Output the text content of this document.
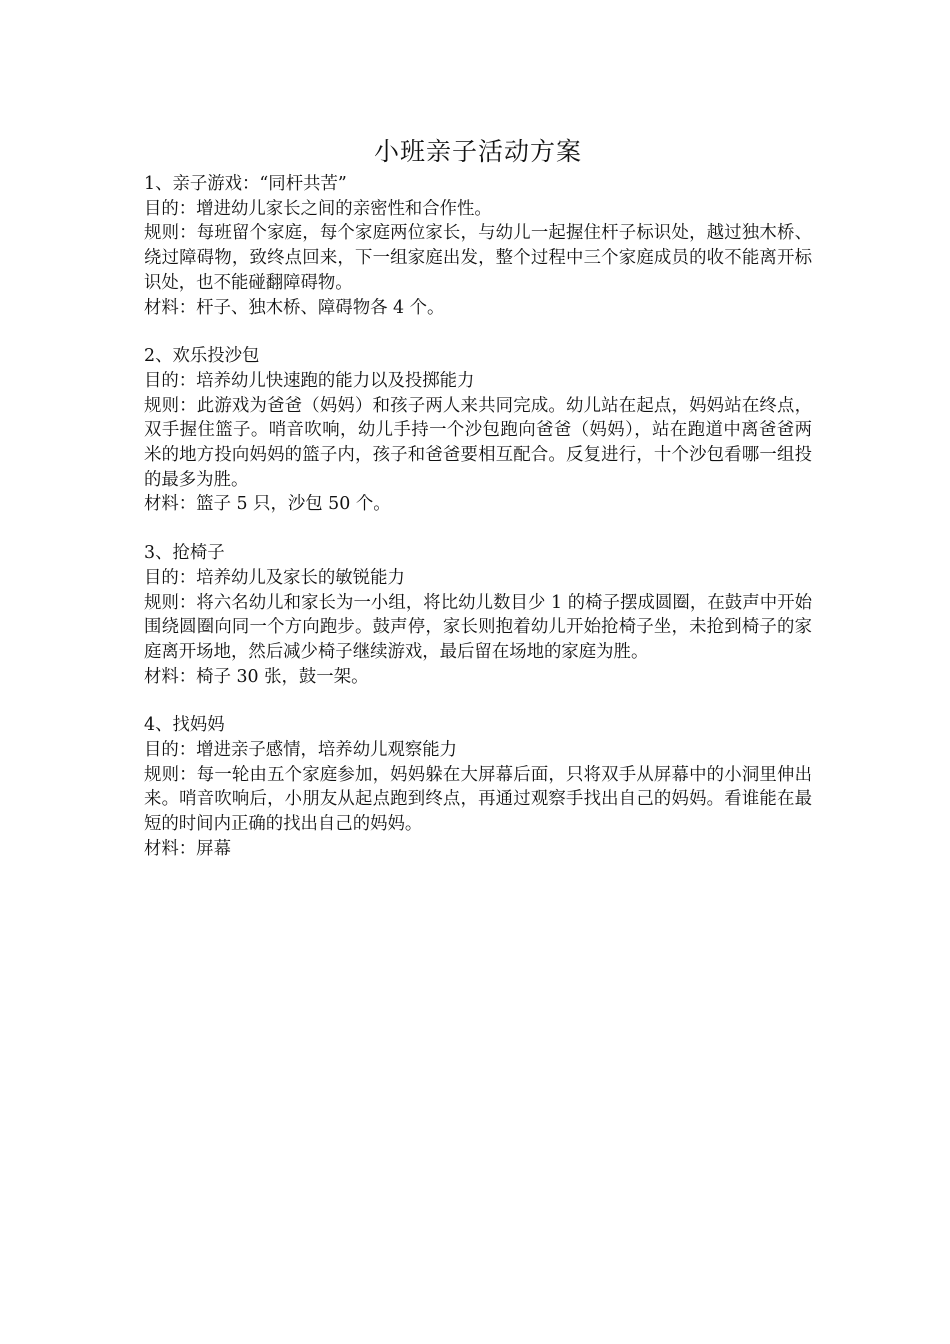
小班亲子活动方案

1、亲子游戏：“同杆共苦”

目的：增进幼儿家长之间的亲密性和合作性。

规则：每班留个家庭，每个家庭两位家长，与幼儿一起握住杆子标识处，越过独木桥、绕过障碍物，致终点回来，下一组家庭出发，整个过程中三个家庭成员的收不能离开标识处，也不能碰翻障碍物。

材料：杆子、独木桥、障碍物各 4 个。

2、欢乐投沙包

目的：培养幼儿快速跑的能力以及投掷能力

规则：此游戏为爸爸（妈妈）和孩子两人来共同完成。幼儿站在起点，妈妈站在终点，双手握住篮子。哨音吹响，幼儿手持一个沙包跑向爸爸（妈妈），站在跑道中离爸爸两米的地方投向妈妈的篮子内，孩子和爸爸要相互配合。反复进行，十个沙包看哪一组投的最多为胜。

材料：篮子 5 只，沙包 50 个。

3、抢椅子

目的：培养幼儿及家长的敏锐能力

规则：将六名幼儿和家长为一小组，将比幼儿数目少 1 的椅子摆成圆圈，在鼓声中开始围绕圆圈向同一个方向跑步。鼓声停，家长则抱着幼儿开始抢椅子坐，未抢到椅子的家庭离开场地，然后减少椅子继续游戏，最后留在场地的家庭为胜。

材料：椅子 30 张，鼓一架。

4、找妈妈

目的：增进亲子感情，培养幼儿观察能力

规则：每一轮由五个家庭参加，妈妈躲在大屏幕后面，只将双手从屏幕中的小洞里伸出来。哨音吹响后，小朋友从起点跑到终点，再通过观察手找出自己的妈妈。看谁能在最短的时间内正确的找出自己的妈妈。

材料：屏幕
